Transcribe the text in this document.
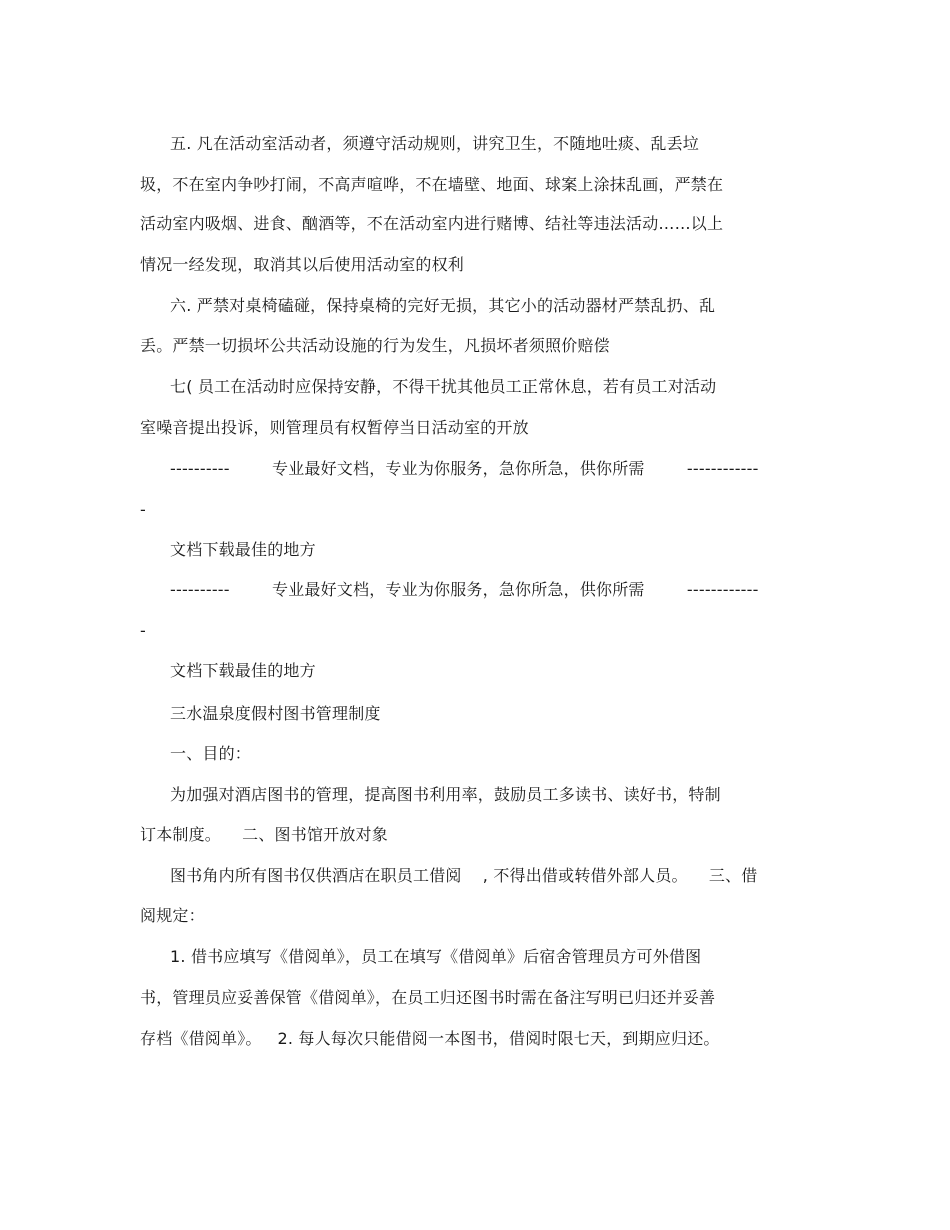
五. 凡在活动室活动者，须遵守活动规则，讲究卫生，不随地吐痰、乱丢垃
圾，不在室内争吵打闹，不高声喧哗，不在墙壁、地面、球案上涂抹乱画，严禁在
活动室内吸烟、进食、酗酒等，不在活动室内进行赌博、结社等违法活动……以上
情况一经发现，取消其以后使用活动室的权利
六. 严禁对桌椅磕碰，保持桌椅的完好无损，其它小的活动器材严禁乱扔、乱
丢。严禁一切损坏公共活动设施的行为发生，凡损坏者须照价赔偿
七( 员工在活动时应保持安静，不得干扰其他员工正常休息，若有员工对活动
室噪音提出投诉，则管理员有权暂停当日活动室的开放
----------        专业最好文档，专业为你服务，急你所急，供你所需        ------------
-
文档下载最佳的地方
----------        专业最好文档，专业为你服务，急你所急，供你所需        ------------
-
文档下载最佳的地方
三水温泉度假村图书管理制度
一、目的：
为加强对酒店图书的管理，提高图书利用率，鼓励员工多读书、读好书，特制
订本制度。    二、图书馆开放对象
图书角内所有图书仅供酒店在职员工借阅    , 不得出借或转借外部人员。    三、借
阅规定：
1. 借书应填写《借阅单》，员工在填写《借阅单》后宿舍管理员方可外借图
书，管理员应妥善保管《借阅单》，在员工归还图书时需在备注写明已归还并妥善
存档《借阅单》。   2. 每人每次只能借阅一本图书，借阅时限七天，到期应归还。
